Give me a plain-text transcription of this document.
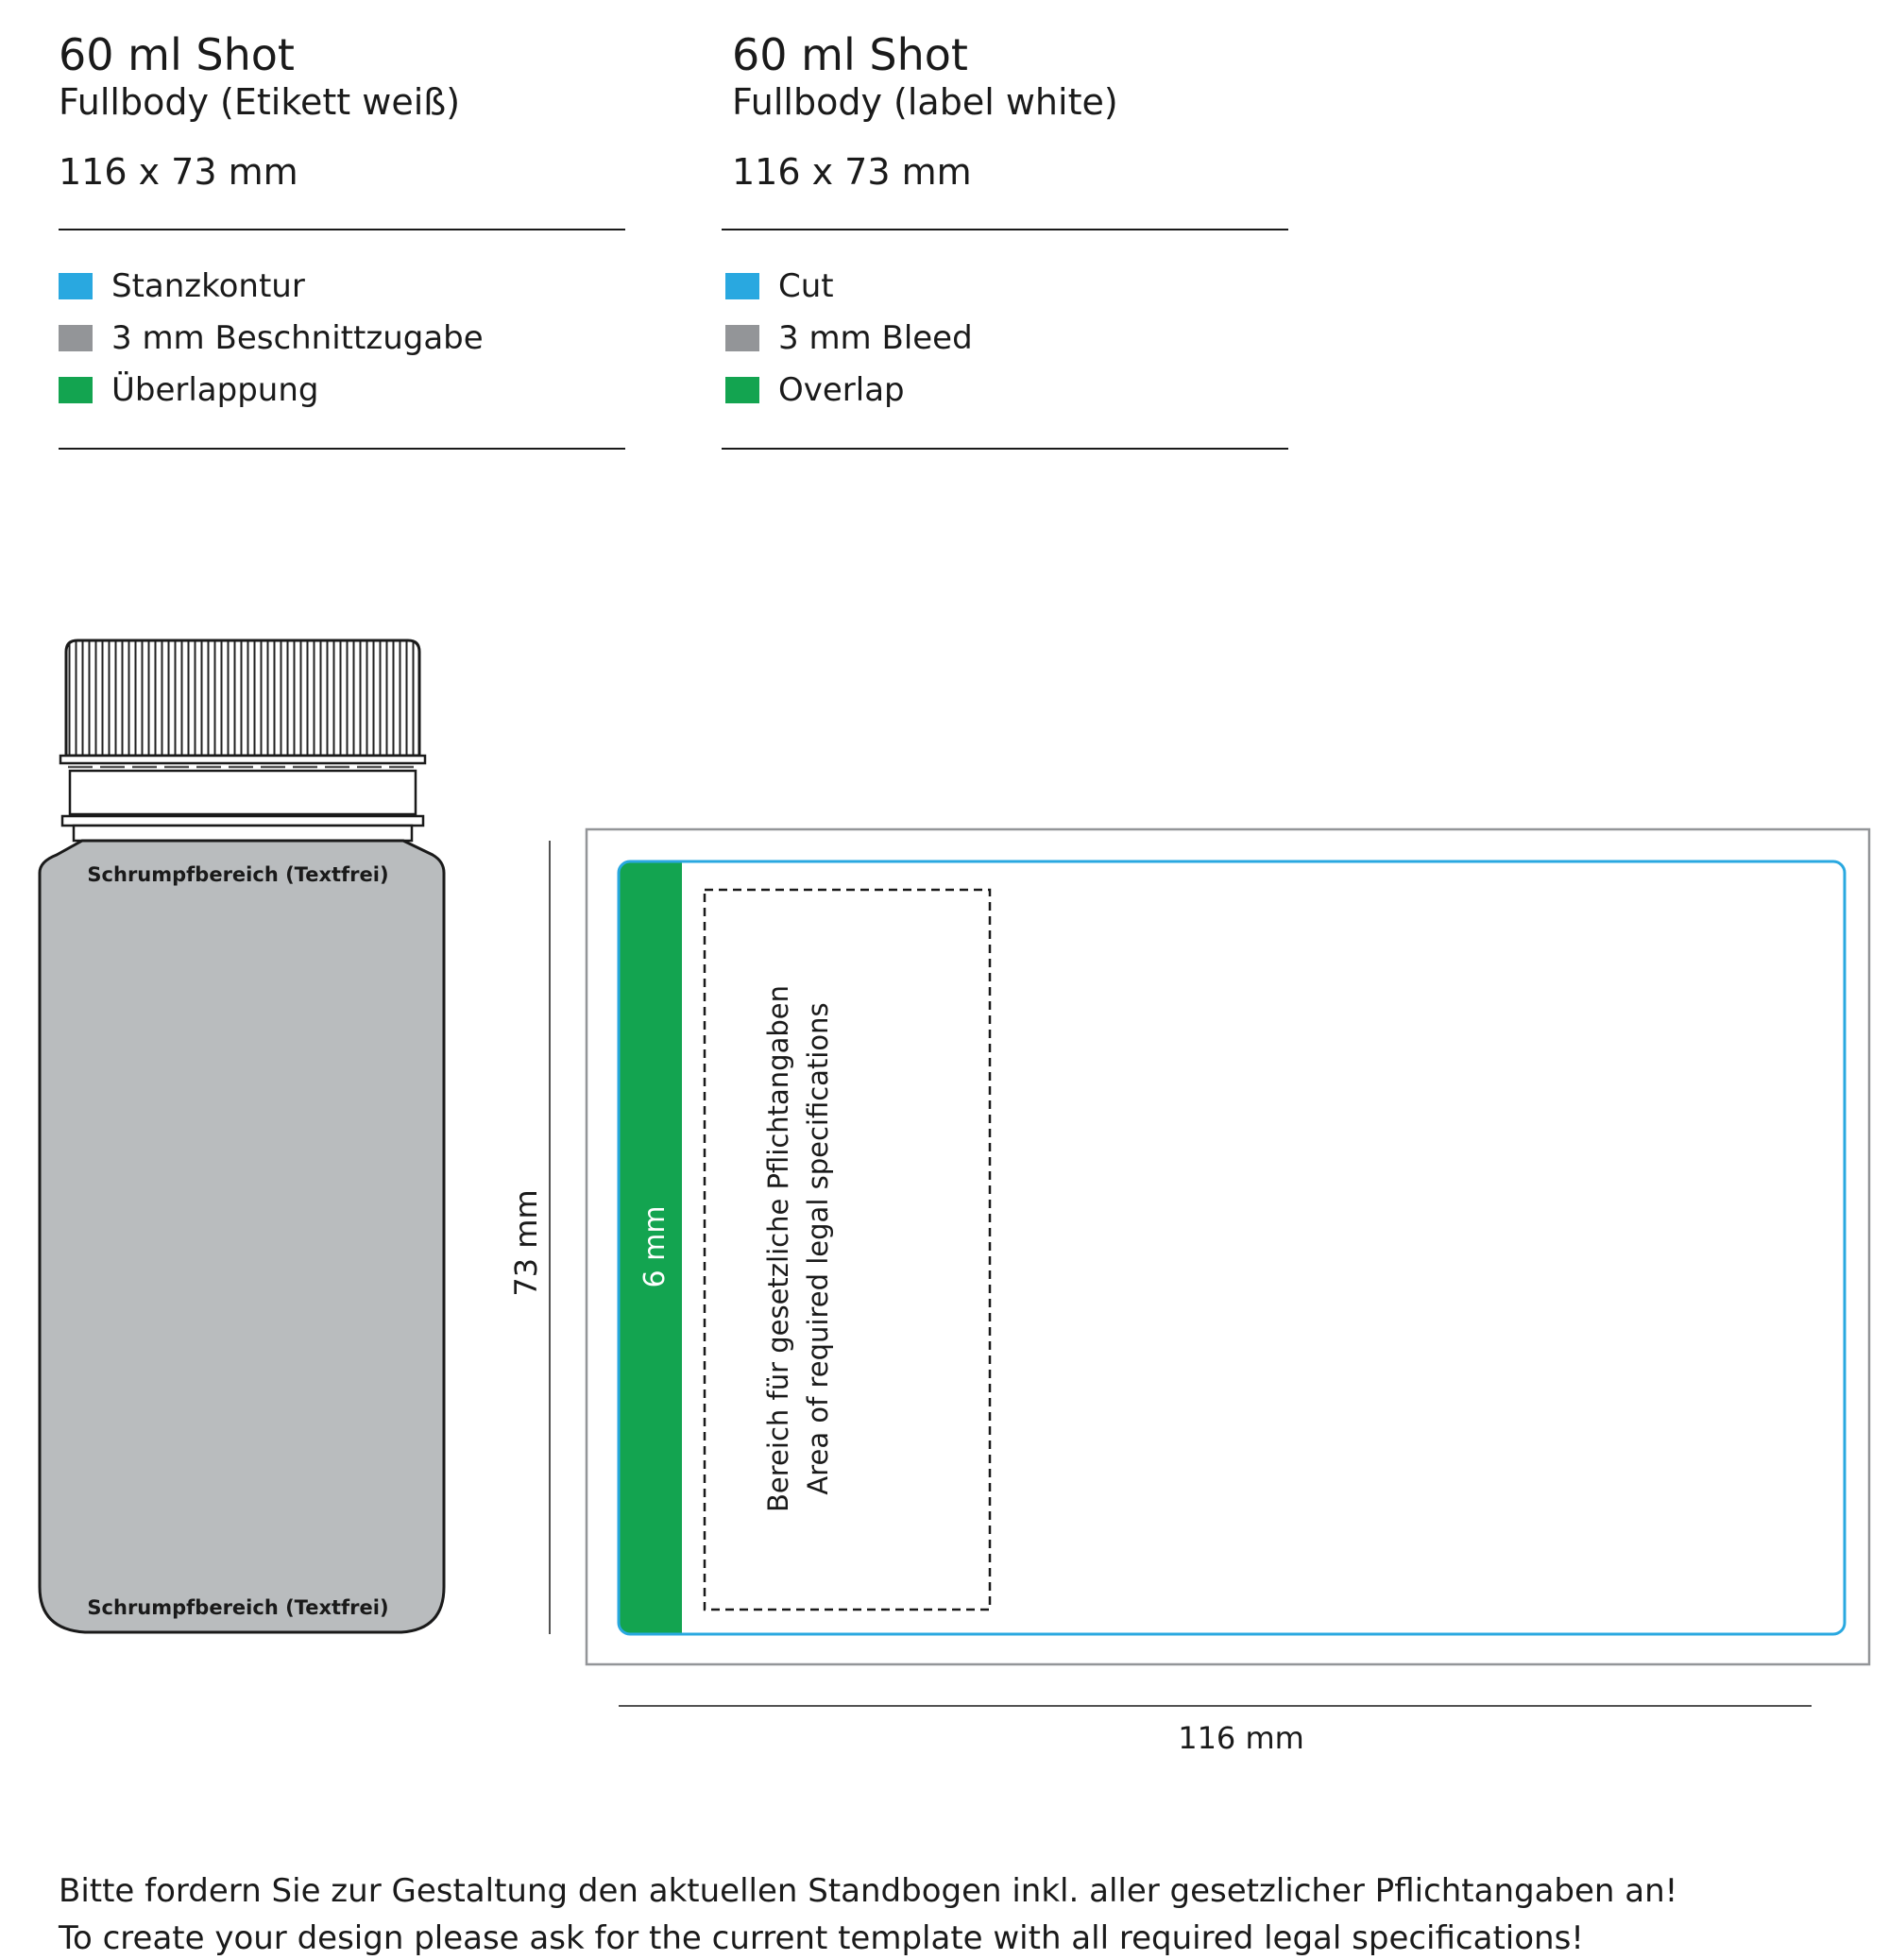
60 ml Shot
Fullbody (Etikett weiß)
116 x 73 mm
Stanzkontur
3 mm Beschnittzugabe
Überlappung
60 ml Shot
Fullbody (label white)
116 x 73 mm
Cut
3 mm Bleed
Overlap
Schrumpfbereich (Textfrei)
Schrumpfbereich (Textfrei)
73 mm	6 mm	Bereich für gesetzliche Pflichtangaben Area of required legal specifications
116 mm
Bitte fordern Sie zur Gestaltung den aktuellen Standbogen inkl. aller gesetzlicher Pflichtangaben an!
To create your design please ask for the current template with all required legal specifications!
